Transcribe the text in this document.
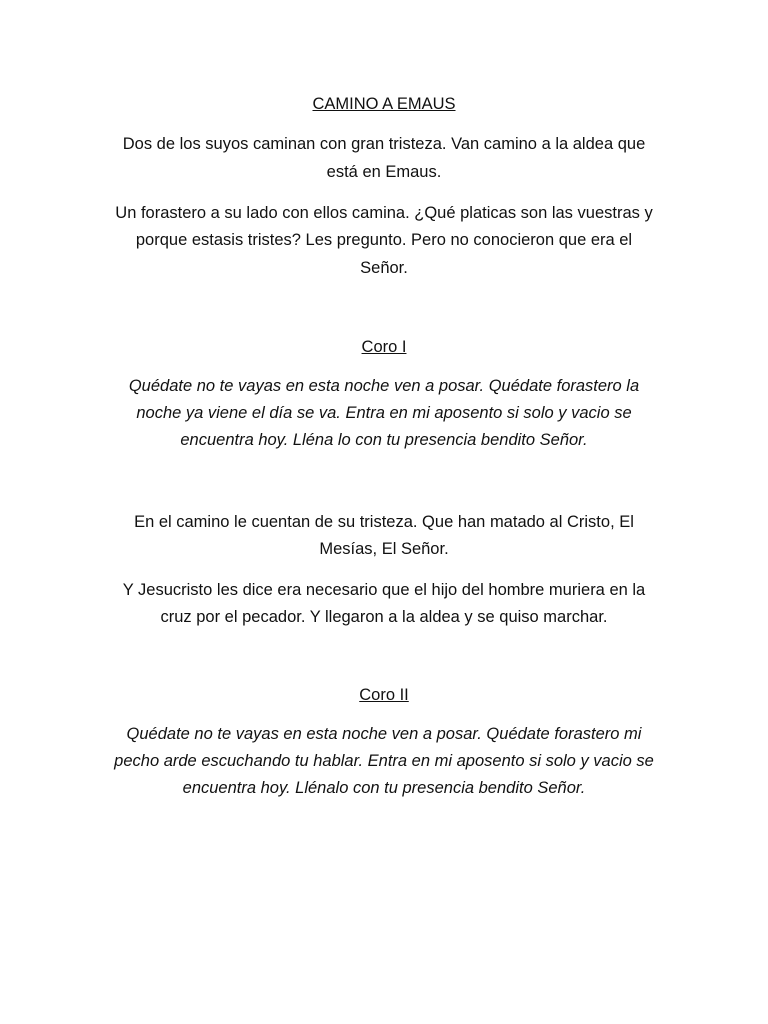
CAMINO A EMAUS
Dos de los suyos caminan con gran tristeza. Van camino a la aldea que
está en Emaus.
Un forastero a su lado con ellos camina. ¿Qué platicas son las vuestras y
porque estasis tristes? Les pregunto. Pero no conocieron que era el
Señor.
Coro I
Quédate no te vayas en esta noche ven a posar. Quédate forastero la
noche ya viene el día se va. Entra en mi aposento si solo y vacio se
encuentra hoy. Lléna lo con tu presencia bendito Señor.
En el camino le cuentan de su tristeza. Que han matado al Cristo, El
Mesías, El Señor.
Y Jesucristo les dice era necesario que el hijo del hombre muriera en la
cruz por el pecador. Y llegaron a la aldea y se quiso marchar.
Coro II
Quédate no te vayas en esta noche ven a posar. Quédate forastero mi
pecho arde escuchando tu hablar. Entra en mi aposento si solo y vacio se
encuentra hoy. Llénalo con tu presencia bendito Señor.
